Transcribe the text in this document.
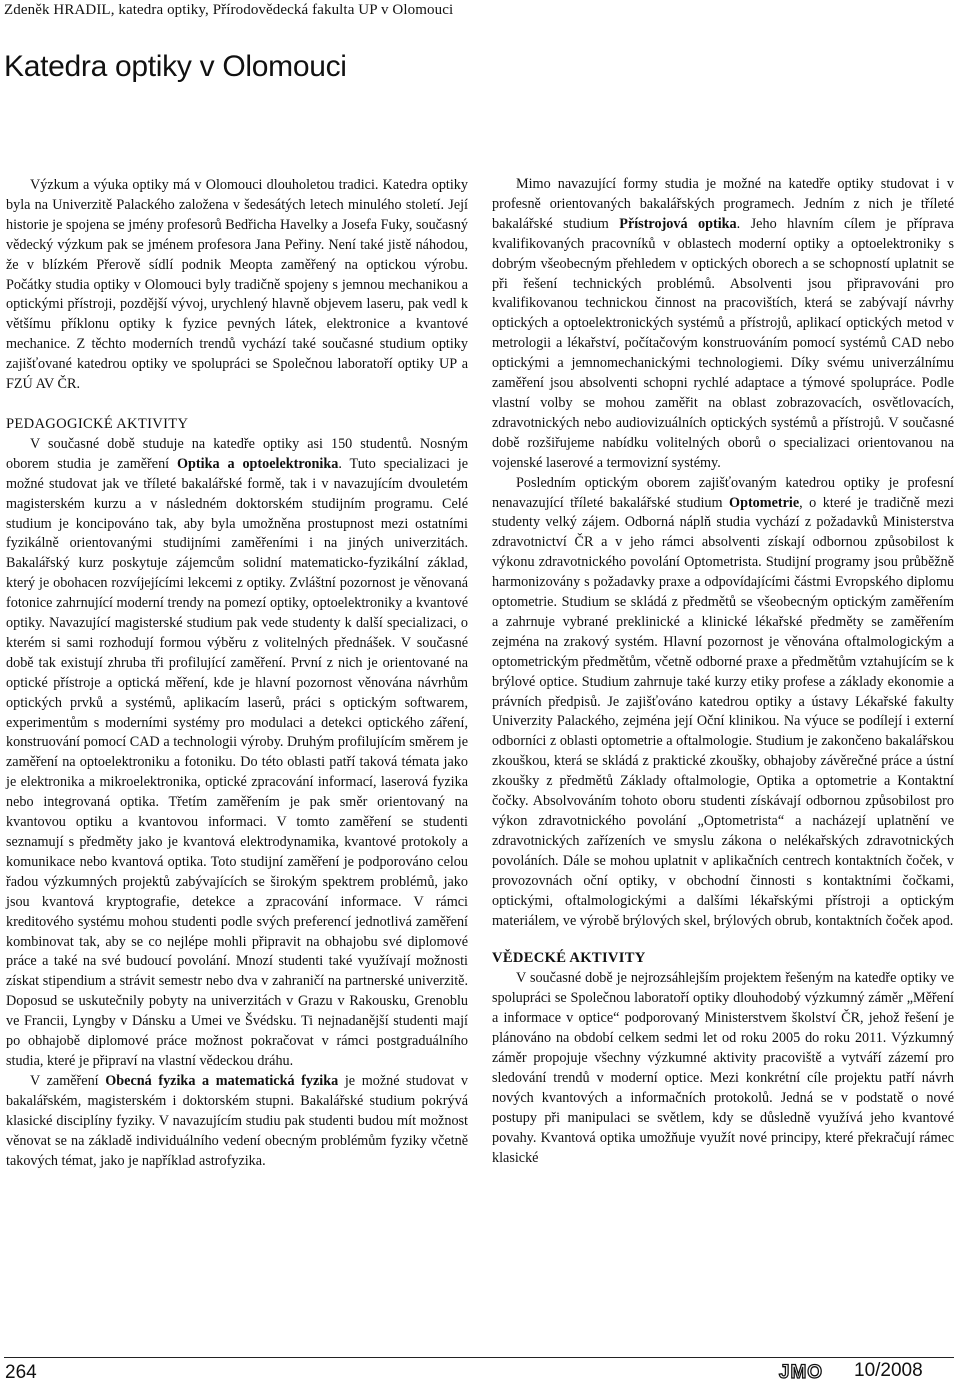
Zdeněk HRADIL, katedra optiky, Přírodovědecká fakulta UP v Olomouci
Katedra optiky v Olomouci

Výzkum a výuka optiky má v Olomouci dlouholetou tradici. Katedra optiky byla na Univerzitě Palackého založena v šedesátých letech minulého století. Její historie je spojena se jmény profesorů Bedřicha Havelky a Josefa Fuky, současný vědecký výzkum pak se jménem profesora Jana Peřiny. Není také jistě náhodou, že v blízkém Přerově sídlí podnik Meopta zaměřený na optickou výrobu. Počátky studia optiky v Olomouci byly tradičně spojeny s jemnou mechanikou a optickými přístroji, pozdější vývoj, urychlený hlavně objevem laseru, pak vedl k většímu příklonu optiky k fyzice pevných látek, elektronice a kvantové mechanice. Z těchto moderních trendů vychází také současné studium optiky zajišťované katedrou optiky ve spolupráci se Společnou laboratoří optiky UP a FZÚ AV ČR.

PEDAGOGICKÉ AKTIVITY

V současné době studuje na katedře optiky asi 150 studentů. Nosným oborem studia je zaměření Optika a optoelektronika. Tuto specializaci je možné studovat jak ve tříleté bakalářské formě, tak i v navazujícím dvouletém magisterském kurzu a v následném doktorském studijním programu. Celé studium je koncipováno tak, aby byla umožněna prostupnost mezi ostatními fyzikálně orientovanými studijními zaměřeními i na jiných univerzitách. Bakalářský kurz poskytuje zájemcům solidní matematicko-fyzikální základ, který je obohacen rozvíjejícími lekcemi z optiky. Zvláštní pozornost je věnovaná fotonice zahrnující moderní trendy na pomezí optiky, optoelektroniky a kvantové optiky. Navazující magisterské studium pak vede studenty k další specializaci, o kterém si sami rozhodují formou výběru z volitelných přednášek. V současné době tak existují zhruba tři profilující zaměření. První z nich je orientované na optické přístroje a optická měření, kde je hlavní pozornost věnována návrhům optických prvků a systémů, aplikacím laserů, práci s optickým softwarem, experimentům s moderními systémy pro modulaci a detekci optického záření, konstruování pomocí CAD a technologii výroby. Druhým profilujícím směrem je zaměření na optoelektroniku a fotoniku. Do této oblasti patří taková témata jako je elektronika a mikroelektronika, optické zpracování informací, laserová fyzika nebo integrovaná optika. Třetím zaměřením je pak směr orientovaný na kvantovou optiku a kvantovou informaci. V tomto zaměření se studenti seznamují s předměty jako je kvantová elektrodynamika, kvantové protokoly a komunikace nebo kvantová optika. Toto studijní zaměření je podporováno celou řadou výzkumných projektů zabývajících se širokým spektrem problémů, jako jsou kvantová kryptografie, detekce a zpracování informace. V rámci kreditového systému mohou studenti podle svých preferencí jednotlivá zaměření kombinovat tak, aby se co nejlépe mohli připravit na obhajobu své diplomové práce a také na své budoucí povolání. Mnozí studenti také využívají možnosti získat stipendium a strávit semestr nebo dva v zahraničí na partnerské univerzitě. Doposud se uskutečnily pobyty na univerzitách v Grazu v Rakousku, Grenoblu ve Francii, Lyngby v Dánsku a Umei ve Švédsku. Ti nejnadanější studenti mají po obhajobě diplomové práce možnost pokračovat v rámci postgraduálního studia, které je připraví na vlastní vědeckou dráhu.

V zaměření Obecná fyzika a matematická fyzika je možné studovat v bakalářském, magisterském i doktorském stupni. Bakalářské studium pokrývá klasické disciplíny fyziky. V navazujícím studiu pak studenti budou mít možnost věnovat se na základě individuálního vedení obecným problémům fyziky včetně takových témat, jako je například astrofyzika.

Mimo navazující formy studia je možné na katedře optiky studovat i v profesně orientovaných bakalářských programech. Jedním z nich je tříleté bakalářské studium Přístrojová optika. Jeho hlavním cílem je příprava kvalifikovaných pracovníků v oblastech moderní optiky a optoelektroniky s dobrým všeobecným přehledem v optických oborech a se schopností uplatnit se při řešení technických problémů. Absolventi jsou připravováni pro kvalifikovanou technickou činnost na pracovištích, která se zabývají návrhy optických a optoelektronických systémů a přístrojů, aplikací optických metod v metrologii a lékařství, počítačovým konstruováním pomocí systémů CAD nebo optickými a jemnomechanickými technologiemi. Díky svému univerzálnímu zaměření jsou absolventi schopni rychlé adaptace a týmové spolupráce. Podle vlastní volby se mohou zaměřit na oblast zobrazovacích, osvětlovacích, zdravotnických nebo audiovizuálních optických systémů a přístrojů. V současné době rozšiřujeme nabídku volitelných oborů o specializaci orientovanou na vojenské laserové a termovizní systémy.

Posledním optickým oborem zajišťovaným katedrou optiky je profesní nenavazující tříleté bakalářské studium Optometrie, o které je tradičně mezi studenty velký zájem. Odborná náplň studia vychází z požadavků Ministerstva zdravotnictví ČR a v jeho rámci absolventi získají odbornou způsobilost k výkonu zdravotnického povolání Optometrista. Studijní programy jsou průběžně harmonizovány s požadavky praxe a odpovídajícími částmi Evropského diplomu optometrie. Studium se skládá z předmětů se všeobecným optickým zaměřením a zahrnuje vybrané preklinické a klinické lékařské předměty se zaměřením zejména na zrakový systém. Hlavní pozornost je věnována oftalmologickým a optometrickým předmětům, včetně odborné praxe a předmětům vztahujícím se k brýlové optice. Studium zahrnuje také kurzy etiky profese a základy ekonomie a právních předpisů. Je zajišťováno katedrou optiky a ústavy Lékařské fakulty Univerzity Palackého, zejména její Oční klinikou. Na výuce se podílejí i externí odborníci z oblasti optometrie a oftalmologie. Studium je zakončeno bakalářskou zkouškou, která se skládá z praktické zkoušky, obhajoby závěrečné práce a ústní zkoušky z předmětů Základy oftalmologie, Optika a optometrie a Kontaktní čočky. Absolvováním tohoto oboru studenti získávají odbornou způsobilost pro výkon zdravotnického povolání „Optometrista“ a nacházejí uplatnění ve zdravotnických zařízeních ve smyslu zákona o nelékařských zdravotnických povoláních. Dále se mohou uplatnit v aplikačních centrech kontaktních čoček, v provozovnách oční optiky, v obchodní činnosti s kontaktními čočkami, optickými, oftalmologickými a dalšími lékařskými přístroji a optickým materiálem, ve výrobě brýlových skel, brýlových obrub, kontaktních čoček apod.

VĚDECKÉ AKTIVITY

V současné době je nejrozsáhlejším projektem řešeným na katedře optiky ve spolupráci se Společnou laboratoří optiky dlouhodobý výzkumný záměr „Měření a informace v optice“ podporovaný Ministerstvem školství ČR, jehož řešení je plánováno na období celkem sedmi let od roku 2005 do roku 2011. Výzkumný záměr propojuje všechny výzkumné aktivity pracoviště a vytváří zázemí pro sledování trendů v moderní optice. Mezi konkrétní cíle projektu patří návrh nových kvantových a informačních protokolů. Jedná se v podstatě o nové postupy při manipulaci se světlem, kdy se důsledně využívá jeho kvantové povahy. Kvantová optika umožňuje využít nové principy, které překračují rámec klasické

264	JMO 10/2008
